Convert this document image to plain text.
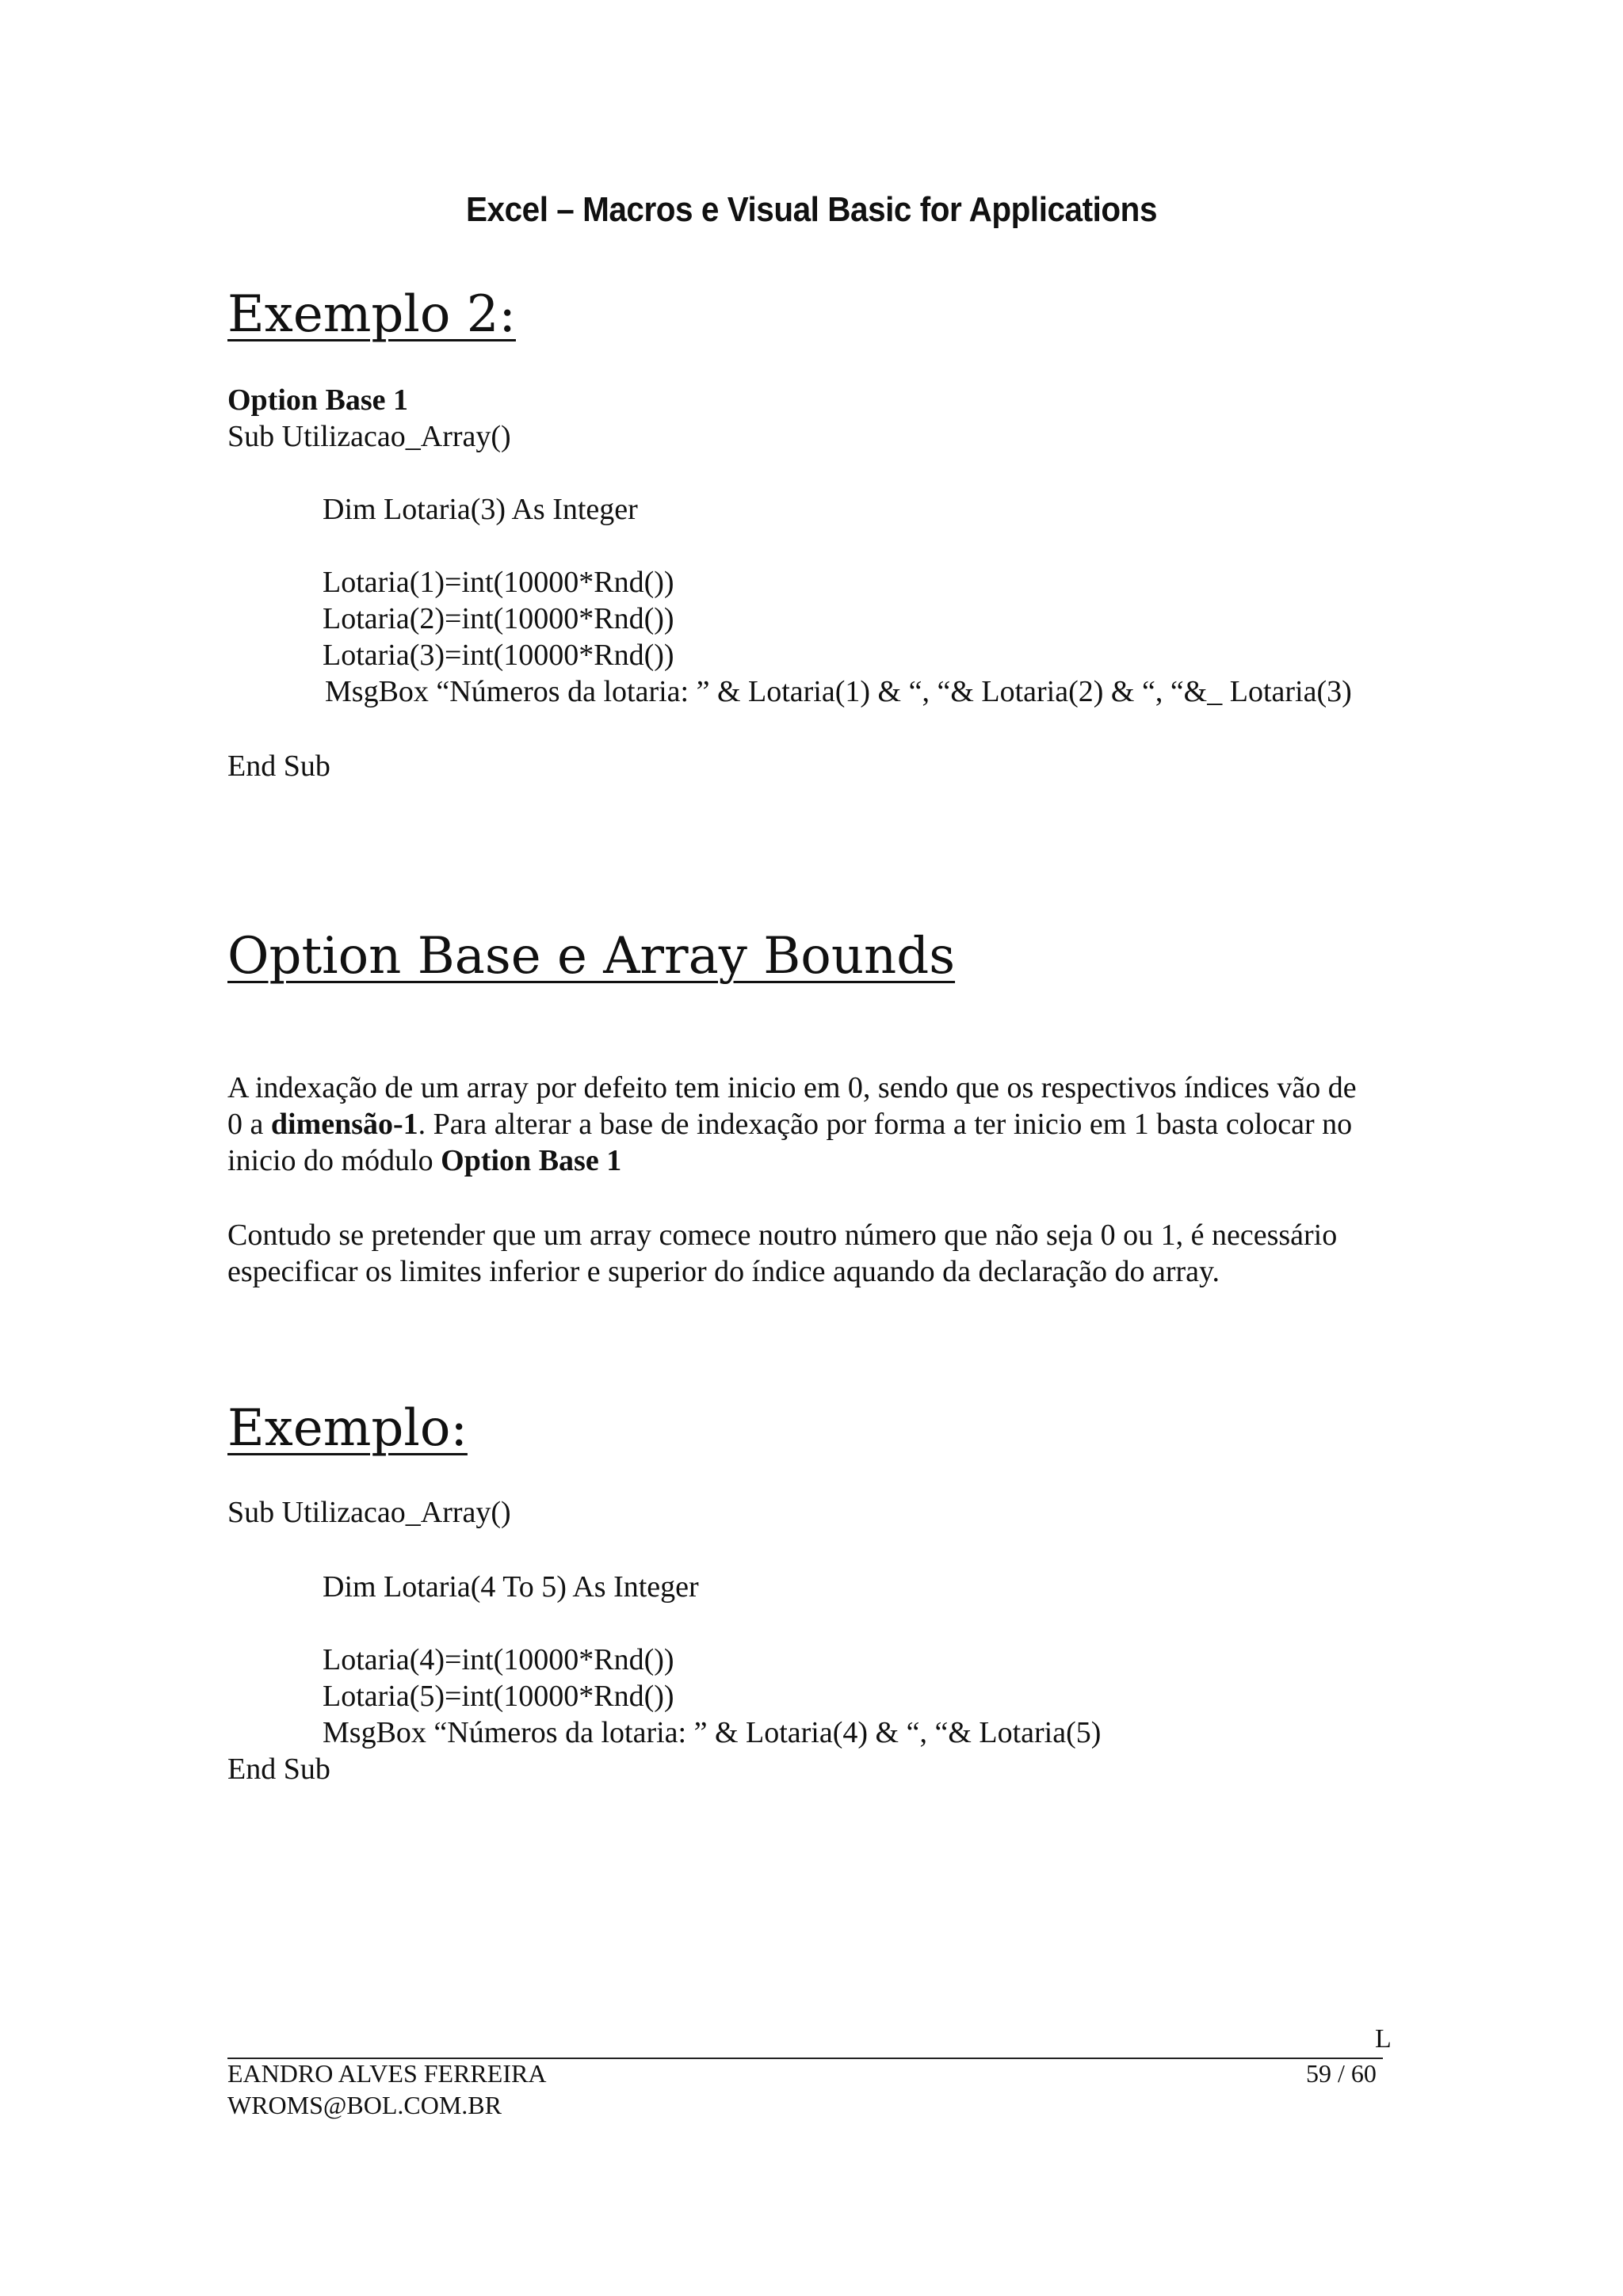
Excel – Macros e Visual Basic for Applications
Exemplo 2:
Option Base 1
Sub Utilizacao_Array()
Dim Lotaria(3) As Integer
Lotaria(1)=int(10000*Rnd())
Lotaria(2)=int(10000*Rnd())
Lotaria(3)=int(10000*Rnd())
MsgBox “Números da lotaria: ” & Lotaria(1) & “, “& Lotaria(2) & “, “&_ Lotaria(3)
End Sub
Option Base e Array Bounds
A indexação de um array por defeito tem inicio em 0, sendo que os respectivos índices vão de
0 a dimensão-1. Para alterar a base de indexação por forma a ter inicio em 1 basta colocar no
inicio do módulo Option Base 1
Contudo se pretender que um array comece noutro número que não seja 0 ou 1, é necessário
especificar os limites inferior e superior do índice aquando da declaração do array.
Exemplo:
Sub Utilizacao_Array()
Dim Lotaria(4 To 5) As Integer
Lotaria(4)=int(10000*Rnd())
Lotaria(5)=int(10000*Rnd())
MsgBox “Números da lotaria: ” & Lotaria(4) & “, “& Lotaria(5)
End Sub
L
EANDRO ALVES FERREIRA
WROMS@BOL.COM.BR
59 / 60
